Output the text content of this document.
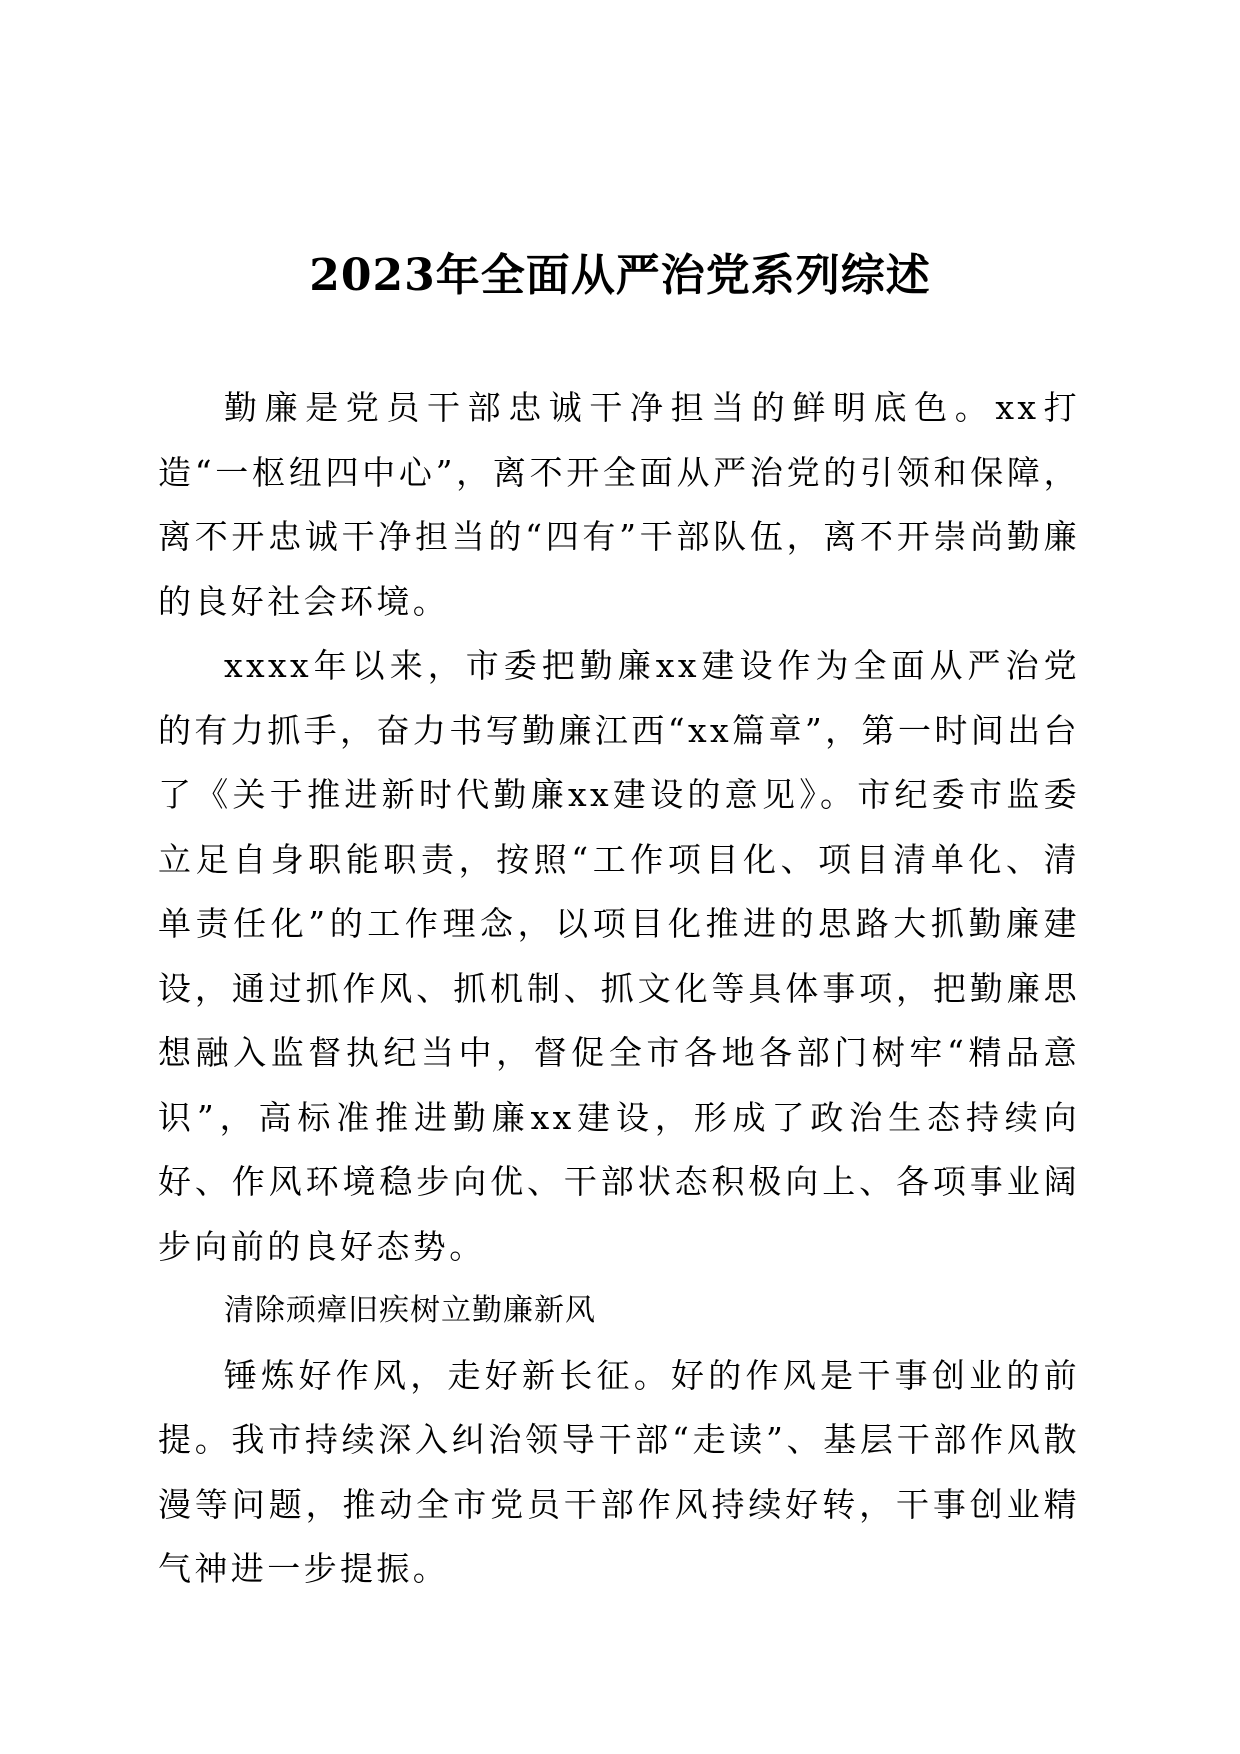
2023年全面从严治党系列综述

勤廉是党员干部忠诚干净担当的鲜明底色。xx打造“一枢纽四中心”，离不开全面从严治党的引领和保障，离不开忠诚干净担当的“四有”干部队伍，离不开崇尚勤廉的良好社会环境。

xxxx年以来，市委把勤廉xx建设作为全面从严治党的有力抓手，奋力书写勤廉江西“xx篇章”，第一时间出台了《关于推进新时代勤廉xx建设的意见》。市纪委市监委立足自身职能职责，按照“工作项目化、项目清单化、清单责任化”的工作理念，以项目化推进的思路大抓勤廉建设，通过抓作风、抓机制、抓文化等具体事项，把勤廉思想融入监督执纪当中，督促全市各地各部门树牢“精品意识”，高标准推进勤廉xx建设，形成了政治生态持续向好、作风环境稳步向优、干部状态积极向上、各项事业阔步向前的良好态势。

清除顽瘴旧疾树立勤廉新风

锤炼好作风，走好新长征。好的作风是干事创业的前提。我市持续深入纠治领导干部“走读”、基层干部作风散漫等问题，推动全市党员干部作风持续好转，干事创业精气神进一步提振。
